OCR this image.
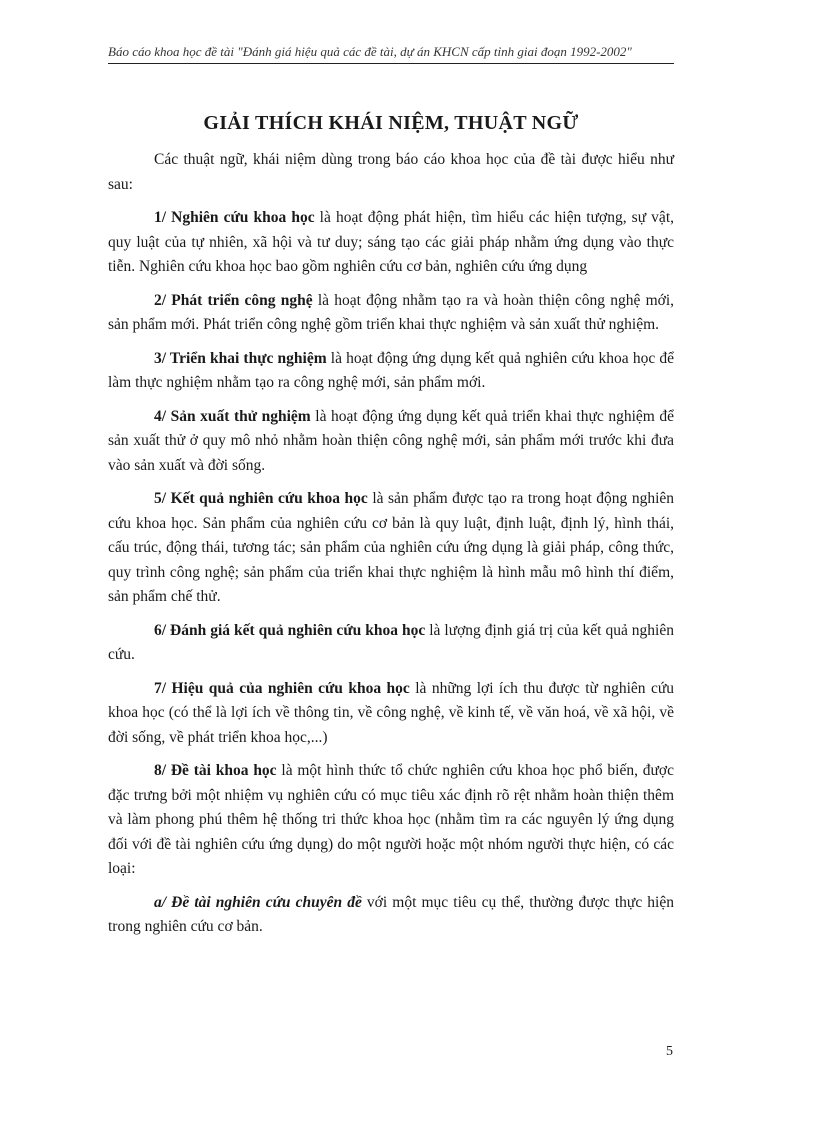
Báo cáo khoa học đề tài "Đánh giá hiệu quả các đề tài, dự án KHCN cấp tỉnh giai đoạn 1992-2002"
GIẢI THÍCH KHÁI NIỆM, THUẬT NGỮ

Các thuật ngữ, khái niệm dùng trong báo cáo khoa học của đề tài được hiểu như sau:

1/ Nghiên cứu khoa học là hoạt động phát hiện, tìm hiểu các hiện tượng, sự vật, quy luật của tự nhiên, xã hội và tư duy; sáng tạo các giải pháp nhằm ứng dụng vào thực tiễn. Nghiên cứu khoa học bao gồm nghiên cứu cơ bản, nghiên cứu ứng dụng

2/ Phát triển công nghệ là hoạt động nhằm tạo ra và hoàn thiện công nghệ mới, sản phẩm mới. Phát triển công nghệ gồm triển khai thực nghiệm và sản xuất thử nghiệm.

3/ Triển khai thực nghiệm là hoạt động ứng dụng kết quả nghiên cứu khoa học để làm thực nghiệm nhằm tạo ra công nghệ mới, sản phẩm mới.

4/ Sản xuất thử nghiệm là hoạt động ứng dụng kết quả triển khai thực nghiệm để sản xuất thử ở quy mô nhỏ nhằm hoàn thiện công nghệ mới, sản phẩm mới trước khi đưa vào sản xuất và đời sống.

5/ Kết quả nghiên cứu khoa học là sản phẩm được tạo ra trong hoạt động nghiên cứu khoa học. Sản phẩm của nghiên cứu cơ bản là quy luật, định luật, định lý, hình thái, cấu trúc, động thái, tương tác; sản phẩm của nghiên cứu ứng dụng là giải pháp, công thức, quy trình công nghệ; sản phẩm của triển khai thực nghiệm là hình mẫu mô hình thí điểm, sản phẩm chế thử.

6/ Đánh giá kết quả nghiên cứu khoa học là lượng định giá trị của kết quả nghiên cứu.

7/ Hiệu quả của nghiên cứu khoa học là những lợi ích thu được từ nghiên cứu khoa học (có thể là lợi ích về thông tin, về công nghệ, về kinh tế, về văn hoá, về xã hội, về đời sống, về phát triển khoa học,...)

8/ Đề tài khoa học là một hình thức tổ chức nghiên cứu khoa học phổ biến, được đặc trưng bởi một nhiệm vụ nghiên cứu có mục tiêu xác định rõ rệt nhằm hoàn thiện thêm và làm phong phú thêm hệ thống tri thức khoa học (nhằm tìm ra các nguyên lý ứng dụng đối với đề tài nghiên cứu ứng dụng) do một người hoặc một nhóm người thực hiện, có các loại:

a/ Đề tài nghiên cứu chuyên đề với một mục tiêu cụ thể, thường được thực hiện trong nghiên cứu cơ bản.

5
